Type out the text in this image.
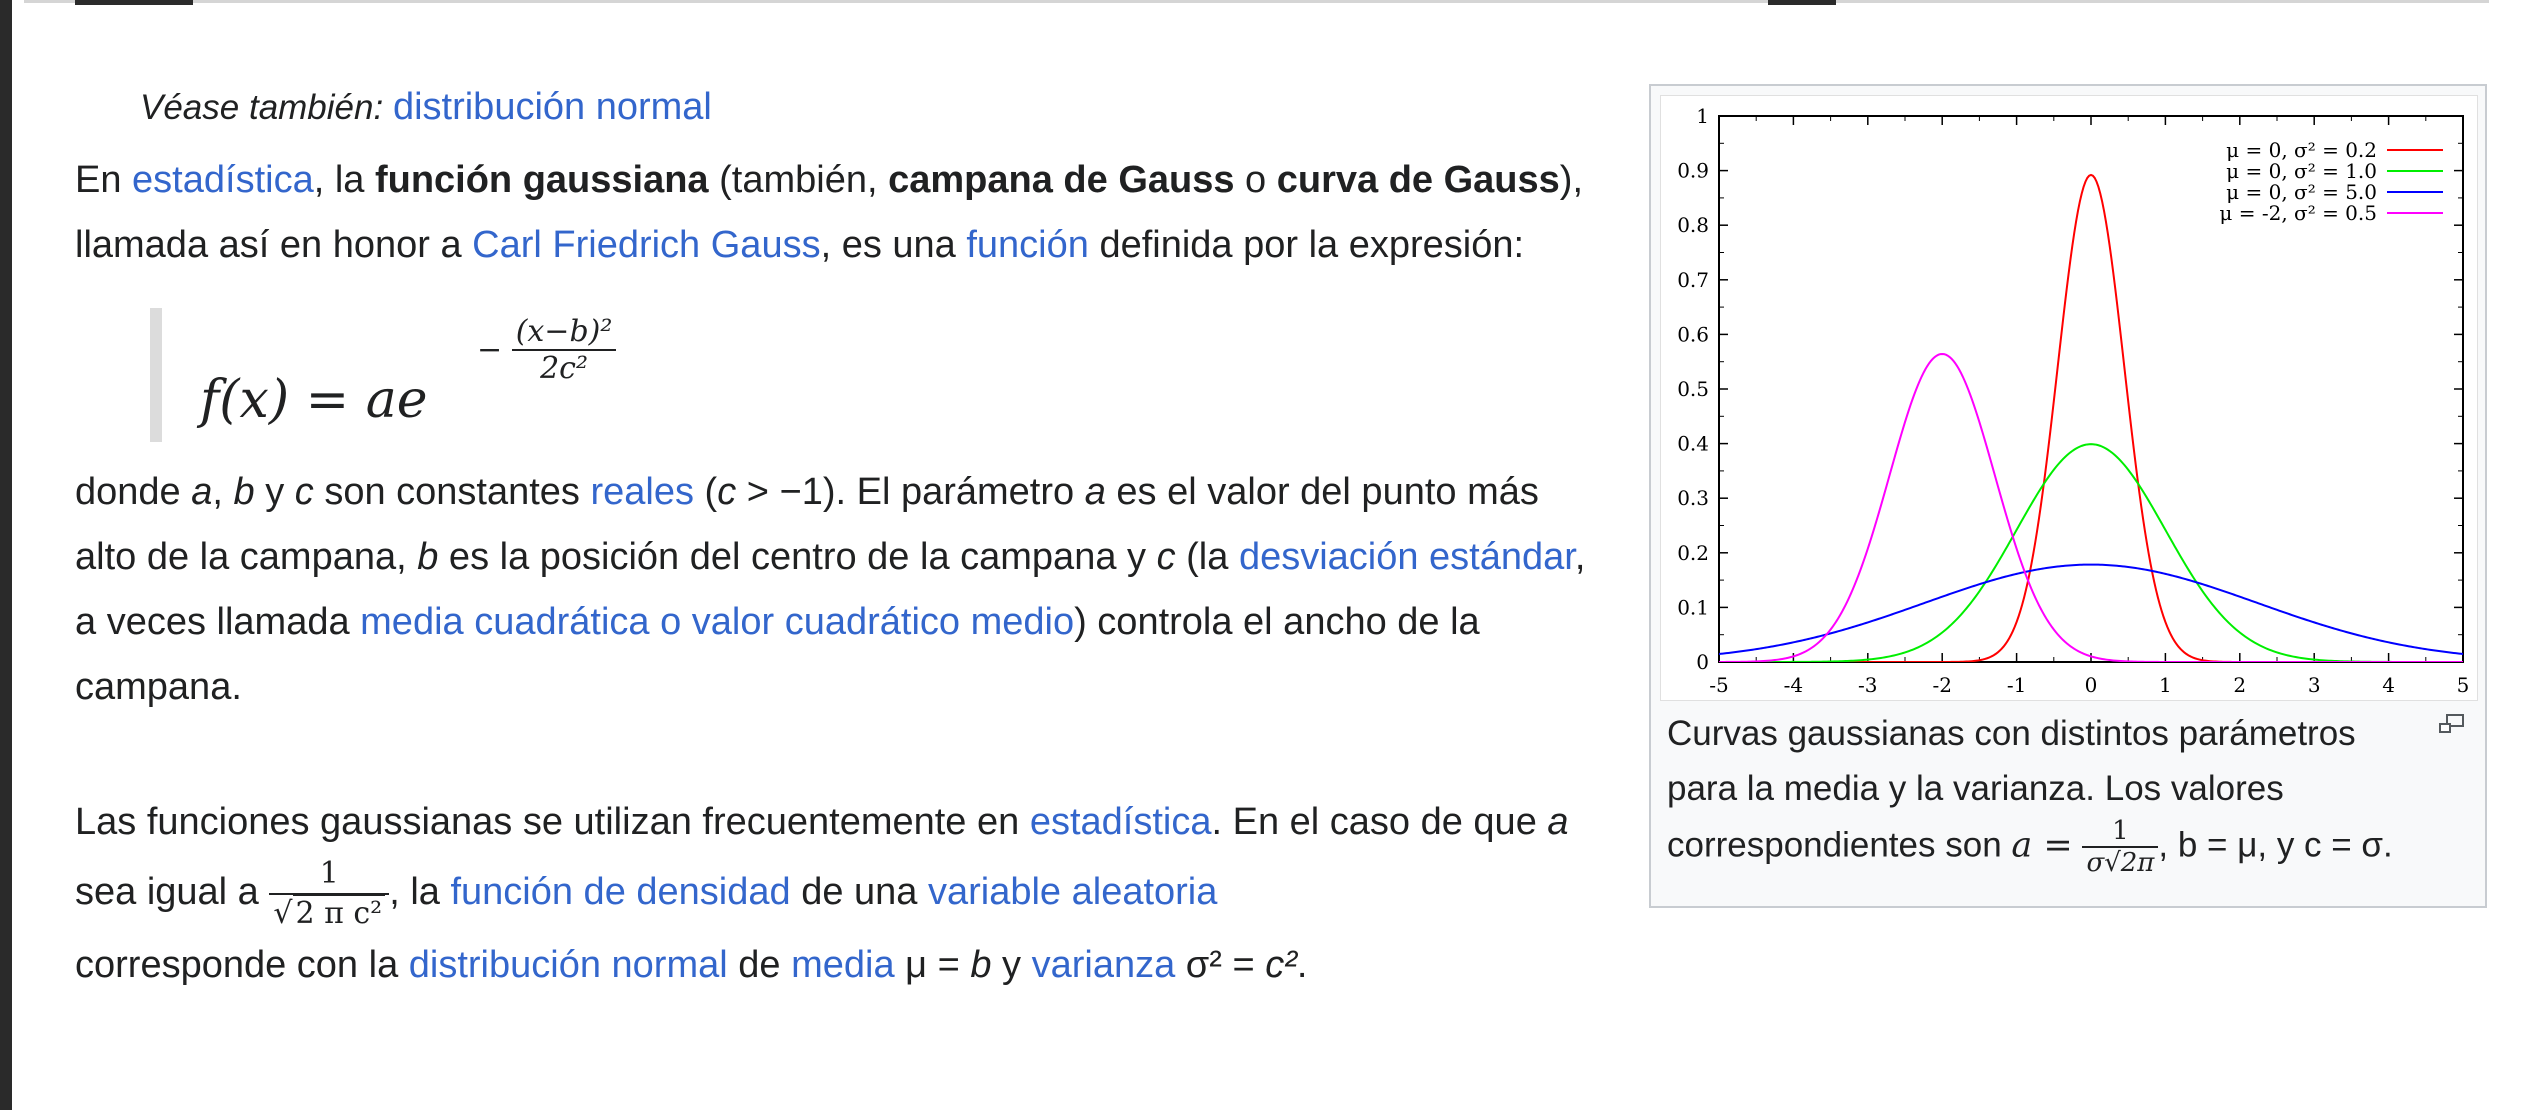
Véase también: distribución normal

En estadística, la función gaussiana (también, campana de Gauss o curva de Gauss), llamada así en honor a Carl Friedrich Gauss, es una función definida por la expresión:

f(x) = ae
− $\frac{\text{(x−b)²}}{\text{2c²}}$

donde a, b y c son constantes reales (c > −1). El parámetro a es el valor del punto más alto de la campana, b es la posición del centro de la campana y c (la desviación estándar, a veces llamada media cuadrática o valor cuadrático medio) controla el ancho de la campana.

Las funciones gaussianas se utilizan frecuentemente en estadística. En el caso de que a sea igual a $\frac{1}{\text{√ 2 π c²}}$ , la función de densidad de una variable aleatoria
corresponde con la distribución normal de media μ = b y varianza σ² = c².

-5	-4	-3	-2	-1	0	1	2	3	4	5
0
0.1
0.2
0.3
0.4
0.5
0.6
0.7
0.8
0.9
1
μ = 0, σ² = 0.2
μ = 0, σ² = 1.0
μ = 0, σ² = 5.0
μ = -2, σ² = 0.5
Curvas gaussianas con distintos parámetros
para la media y la varianza. Los valores
correspondientes son $a = \frac{1}{\sigma√2\pi}$ , b = μ, y c = σ.
